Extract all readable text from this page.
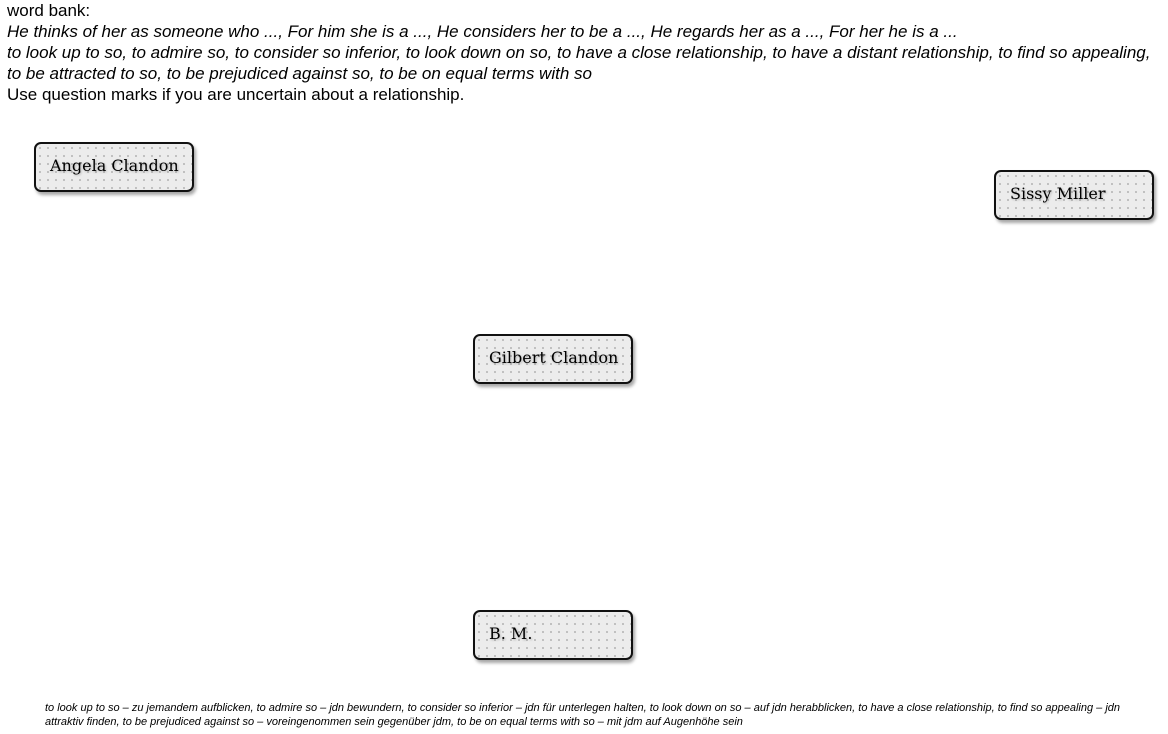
word bank:
He thinks of her as someone who ..., For him she is a ..., He considers her to be a ..., He regards her as a ..., For her he is a ...
to look up to so, to admire so, to consider so inferior, to look down on so, to have a close relationship, to have a distant relationship, to find so appealing, to be attracted to so, to be prejudiced against so, to be on equal terms with so
Use question marks if you are uncertain about a relationship.
Angela Clandon
Sissy Miller
Gilbert Clandon
B. M.
to look up to so – zu jemandem aufblicken, to admire so – jdn bewundern, to consider so inferior – jdn für unterlegen halten, to look down on so – auf jdn herabblicken, to have a close relationship, to find so appealing – jdn attraktiv finden, to be prejudiced against so – voreingenommen sein gegenüber jdm, to be on equal terms with so – mit jdm auf Augenhöhe sein
